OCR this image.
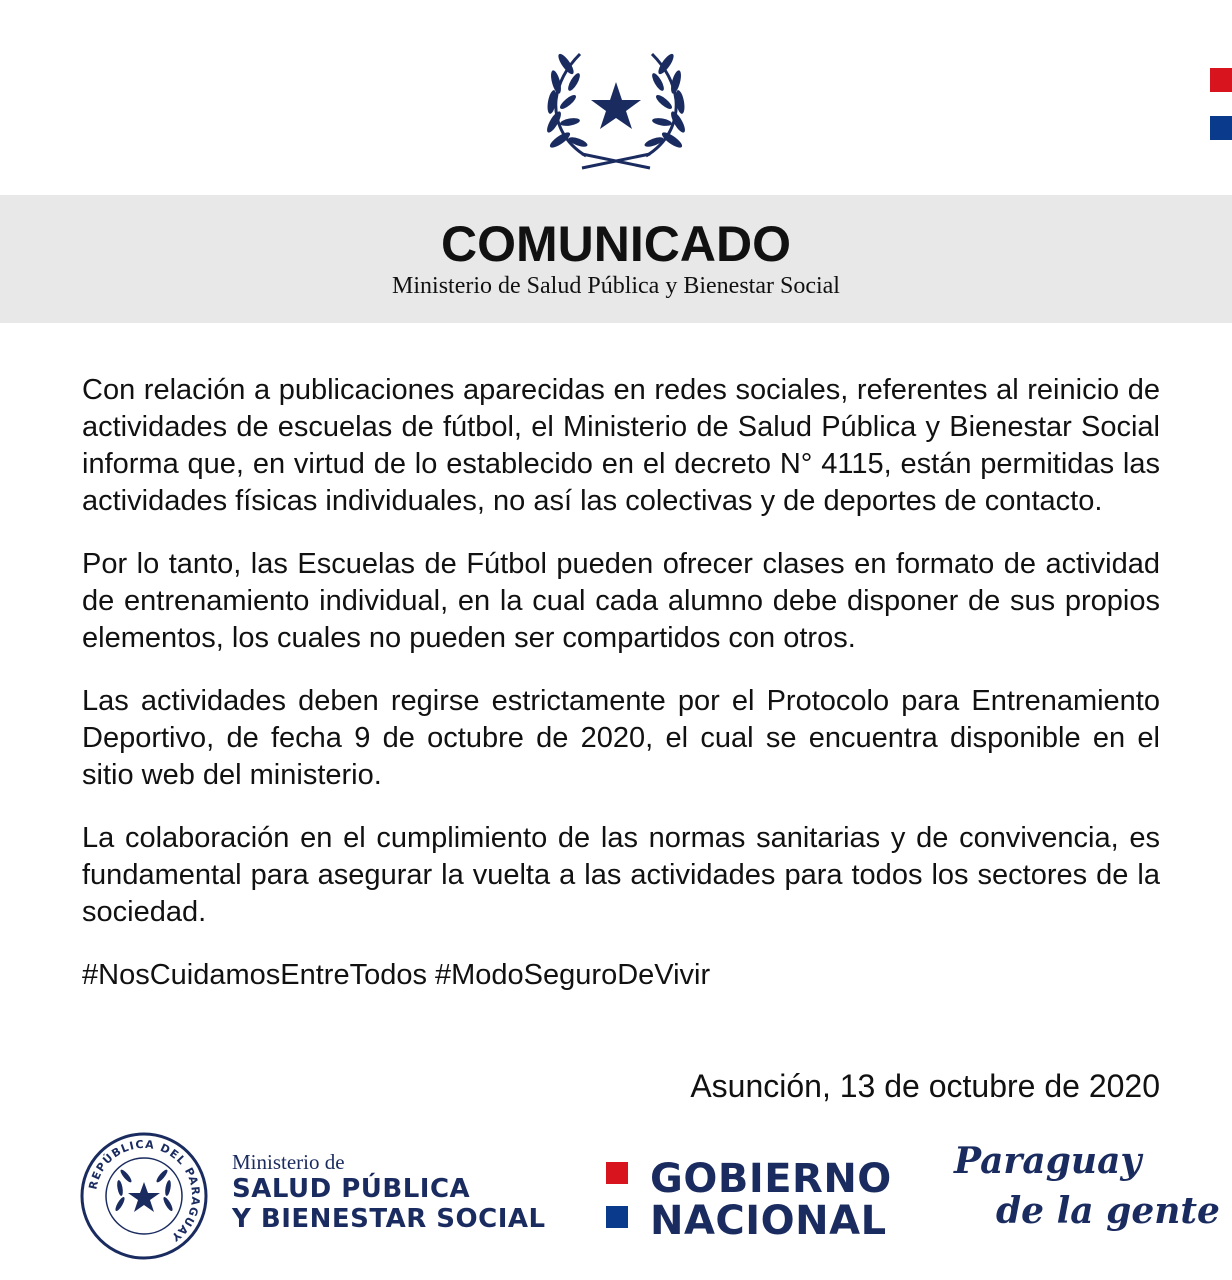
COMUNICADO
Ministerio de Salud Pública y Bienestar Social

Con relación a publicaciones aparecidas en redes sociales, referentes al reinicio de actividades de escuelas de fútbol, el Ministerio de Salud Pública y Bienestar Social informa que, en virtud de lo establecido en el decreto N° 4115, están permitidas las actividades físicas individuales, no así las colectivas y de deportes de contacto.

Por lo tanto, las Escuelas de Fútbol pueden ofrecer clases en formato de actividad de entrenamiento individual, en la cual cada alumno debe disponer de sus propios elementos, los cuales no pueden ser compartidos con otros.

Las actividades deben regirse estrictamente por el Protocolo para Entrenamiento Deportivo, de fecha 9 de octubre de 2020, el cual se encuentra disponible en el sitio web del ministerio.

La colaboración en el cumplimiento de las normas sanitarias y de convivencia, es fundamental para asegurar la vuelta a las actividades para todos los sectores de la sociedad.

#NosCuidamosEntreTodos #ModoSeguroDeVivir

Asunción, 13 de octubre de 2020
REPÚBLICA DEL PARAGUAY
Ministerio de
SALUD PÚBLICA
Y BIENESTAR SOCIAL
GOBIERNO
NACIONAL
Paraguay
de la gente
